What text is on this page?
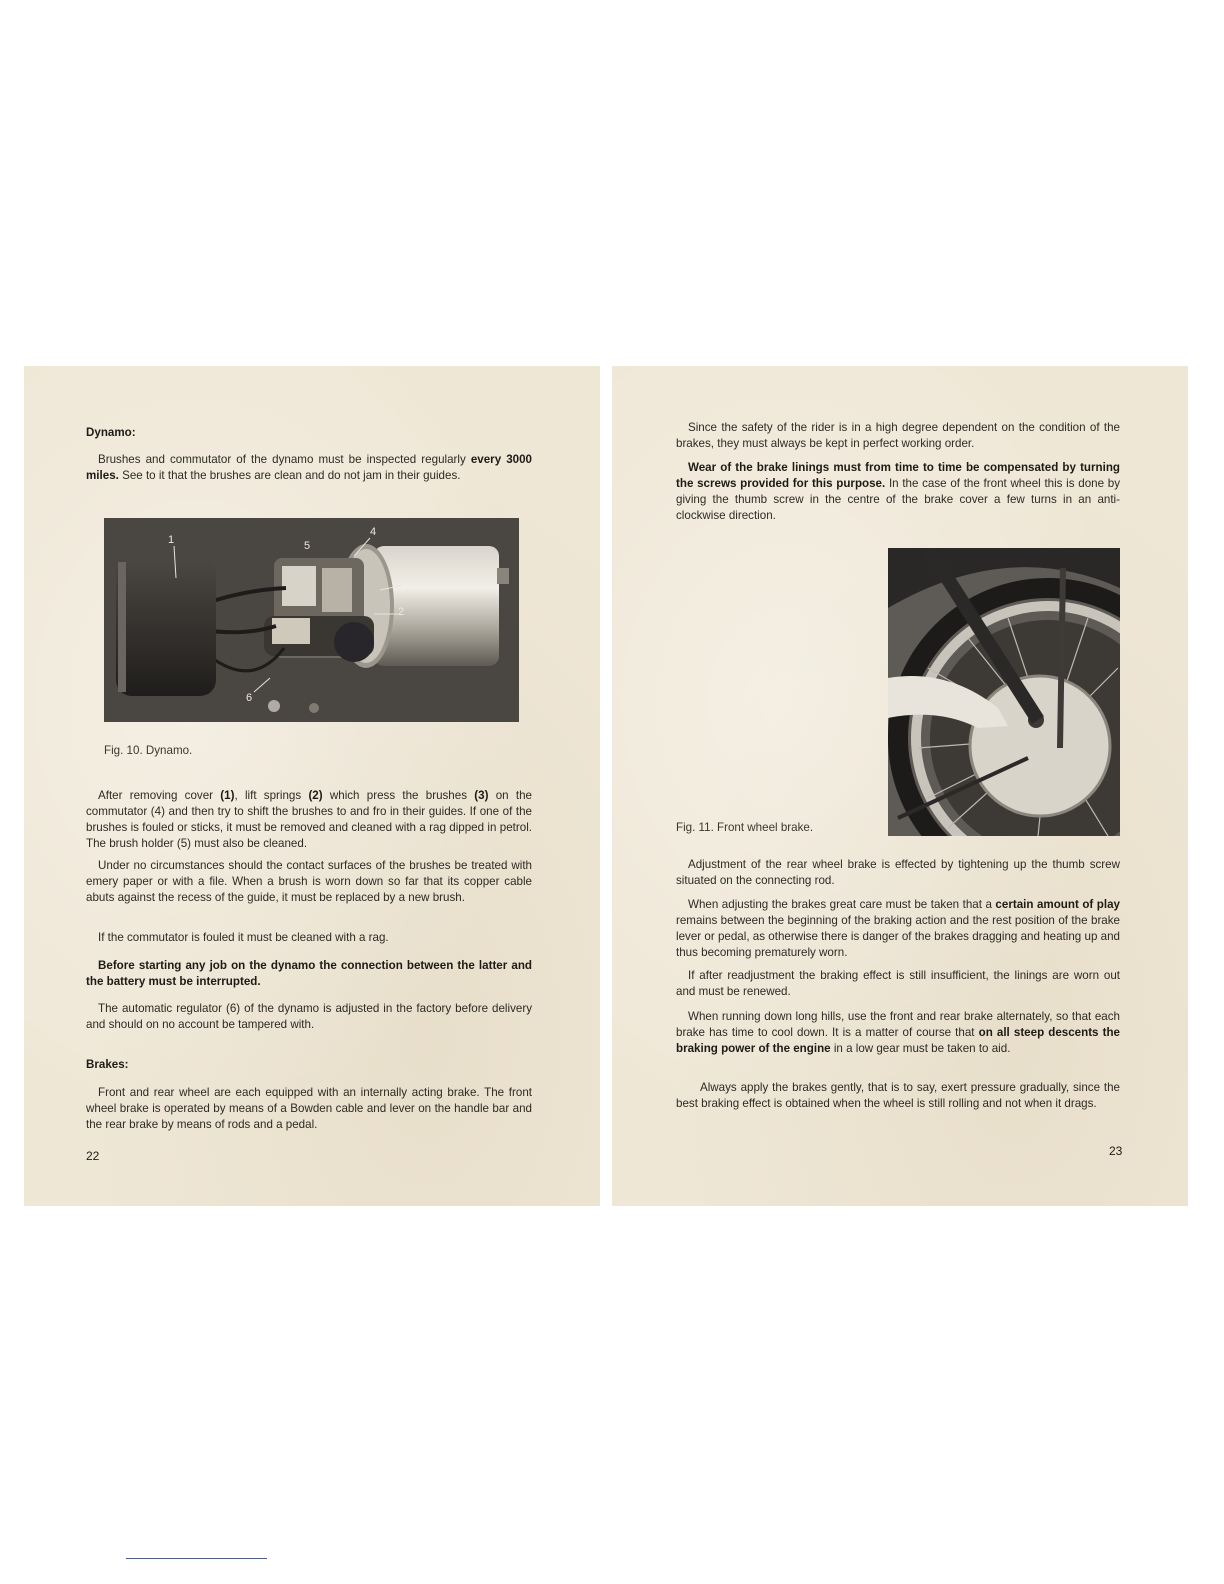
Dynamo:
Brushes and commutator of the dynamo must be inspected regularly every 3000 miles. See to it that the brushes are clean and do not jam in their guides.
1	5
4
3
2
6
Fig. 10. Dynamo.
After removing cover (1), lift springs (2) which press the brushes (3) on the commutator (4) and then try to shift the brushes to and fro in their guides. If one of the brushes is fouled or sticks, it must be removed and cleaned with a rag dipped in petrol. The brush holder (5) must also be cleaned.
Under no circumstances should the contact surfaces of the brushes be treated with emery paper or with a file. When a brush is worn down so far that its copper cable abuts against the recess of the guide, it must be replaced by a new brush.
If the commutator is fouled it must be cleaned with a rag.
Before starting any job on the dynamo the connection between the latter and the battery must be interrupted.
The automatic regulator (6) of the dynamo is adjusted in the factory before delivery and should on no account be tampered with.
Brakes:
Front and rear wheel are each equipped with an internally acting brake. The front wheel brake is operated by means of a Bowden cable and lever on the handle bar and the rear brake by means of rods and a pedal.
22
Since the safety of the rider is in a high degree dependent on the condition of the brakes, they must always be kept in perfect working order.
Wear of the brake linings must from time to time be compensated by turning the screws provided for this purpose. In the case of the front wheel this is done by giving the thumb screw in the centre of the brake cover a few turns in an anti-clockwise direction.
Fig. 11. Front wheel brake.
Adjustment of the rear wheel brake is effected by tightening up the thumb screw situated on the connecting rod.
When adjusting the brakes great care must be taken that a certain amount of play remains between the beginning of the braking action and the rest position of the brake lever or pedal, as otherwise there is danger of the brakes dragging and heating up and thus becoming prematurely worn.
If after readjustment the braking effect is still insufficient, the linings are worn out and must be renewed.
When running down long hills, use the front and rear brake alternately, so that each brake has time to cool down. It is a matter of course that on all steep descents the braking power of the engine in a low gear must be taken to aid.
Always apply the brakes gently, that is to say, exert pressure gradually, since the best braking effect is obtained when the wheel is still rolling and not when it drags.
23
